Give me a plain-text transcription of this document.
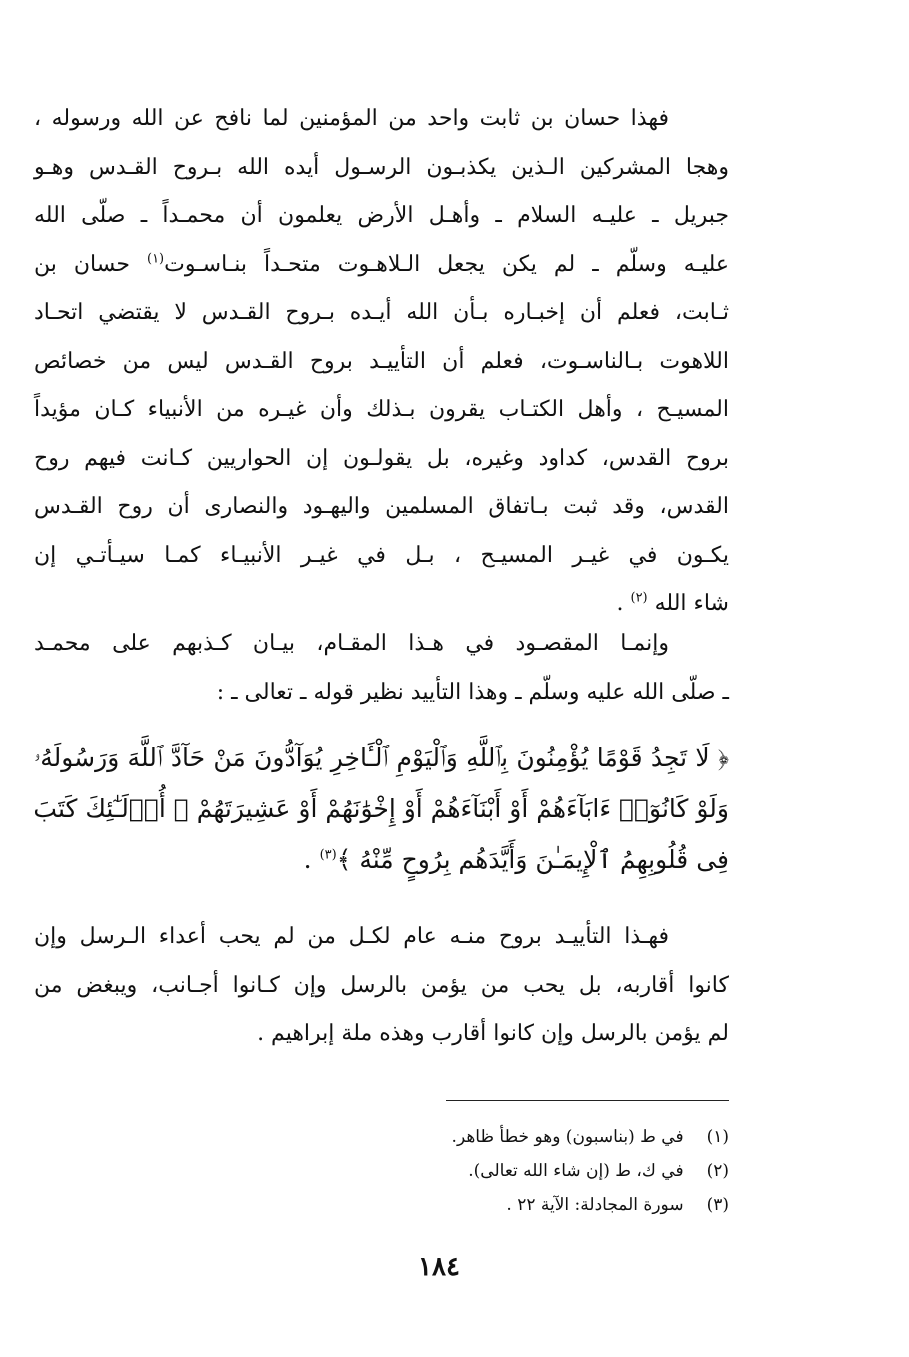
فهذا حسان بن ثابت واحد من المؤمنين لما نافح عن الله ورسوله ،
وهجا المشركين الـذين يكذبـون الرسـول أيده الله بـروح القـدس وهـو
جبريل ـ عليـه السلام ـ وأهـل الأرض يعلمون أن محمـداً ـ صلّى الله
عليـه وسلّم ـ لم يكن يجعل الـلاهـوت متحـداً بنـاسـوت$^{(١)}$ حسان بن
ثـابت، فعلم أن إخبـاره بـأن الله أيـده بـروح القـدس لا يقتضي اتحـاد
اللاهوت بـالناسـوت، فعلم أن التأييـد بروح القـدس ليس من خصائص
المسيـح ، وأهل الكتـاب يقرون بـذلك وأن غيـره من الأنبياء كـان مؤيداً
بروح القدس، كداود وغيره، بل يقولـون إن الحواريين كـانت فيهم روح
القدس، وقد ثبت بـاتفاق المسلمين واليهـود والنصارى أن روح القـدس
يكـون في غيـر المسيـح ، بـل في غيـر الأنبيـاء كمـا سيـأتـي إن
شاء الله $^{(٢)}$ .
وإنمـا المقصـود في هـذا المقـام، بيـان كـذبهم على محمـد
ـ صلّى الله عليه وسلّم ـ وهذا التأييد نظير قوله ـ تعالى ـ :
﴿ لَا تَجِدُ قَوْمًا يُؤْمِنُونَ بِٱللَّهِ وَٱلْيَوْمِ ٱلْـَٔاخِرِ يُوَآدُّونَ مَنْ حَآدَّ ٱللَّهَ وَرَسُولَهُۥ
وَلَوْ كَانُوٓا۟ ءَابَآءَهُمْ أَوْ أَبْنَآءَهُمْ أَوْ إِخْوَٰنَهُمْ أَوْ عَشِيرَتَهُمْ ۚ أُو۟لَـٰٓئِكَ كَتَبَ
فِى قُلُوبِهِمُ ٱلْإِيمَـٰنَ وَأَيَّدَهُم بِرُوحٍ مِّنْهُ ﴾$^{(٣)}$ .
فهـذا التأييـد بروح منـه عام لكـل من لم يحب أعداء الـرسل وإن
كانوا أقاربه، بل يحب من يؤمن بالرسل وإن كـانوا أجـانب، ويبغض من
لم يؤمن بالرسل وإن كانوا أقارب وهذه ملة إبراهيم .
(١) في ط (بناسبون) وهو خطأ ظاهر.
(٢) في ك، ط (إن شاء الله تعالى).
(٣) سورة المجادلة: الآية ٢٢ .
١٨٤
